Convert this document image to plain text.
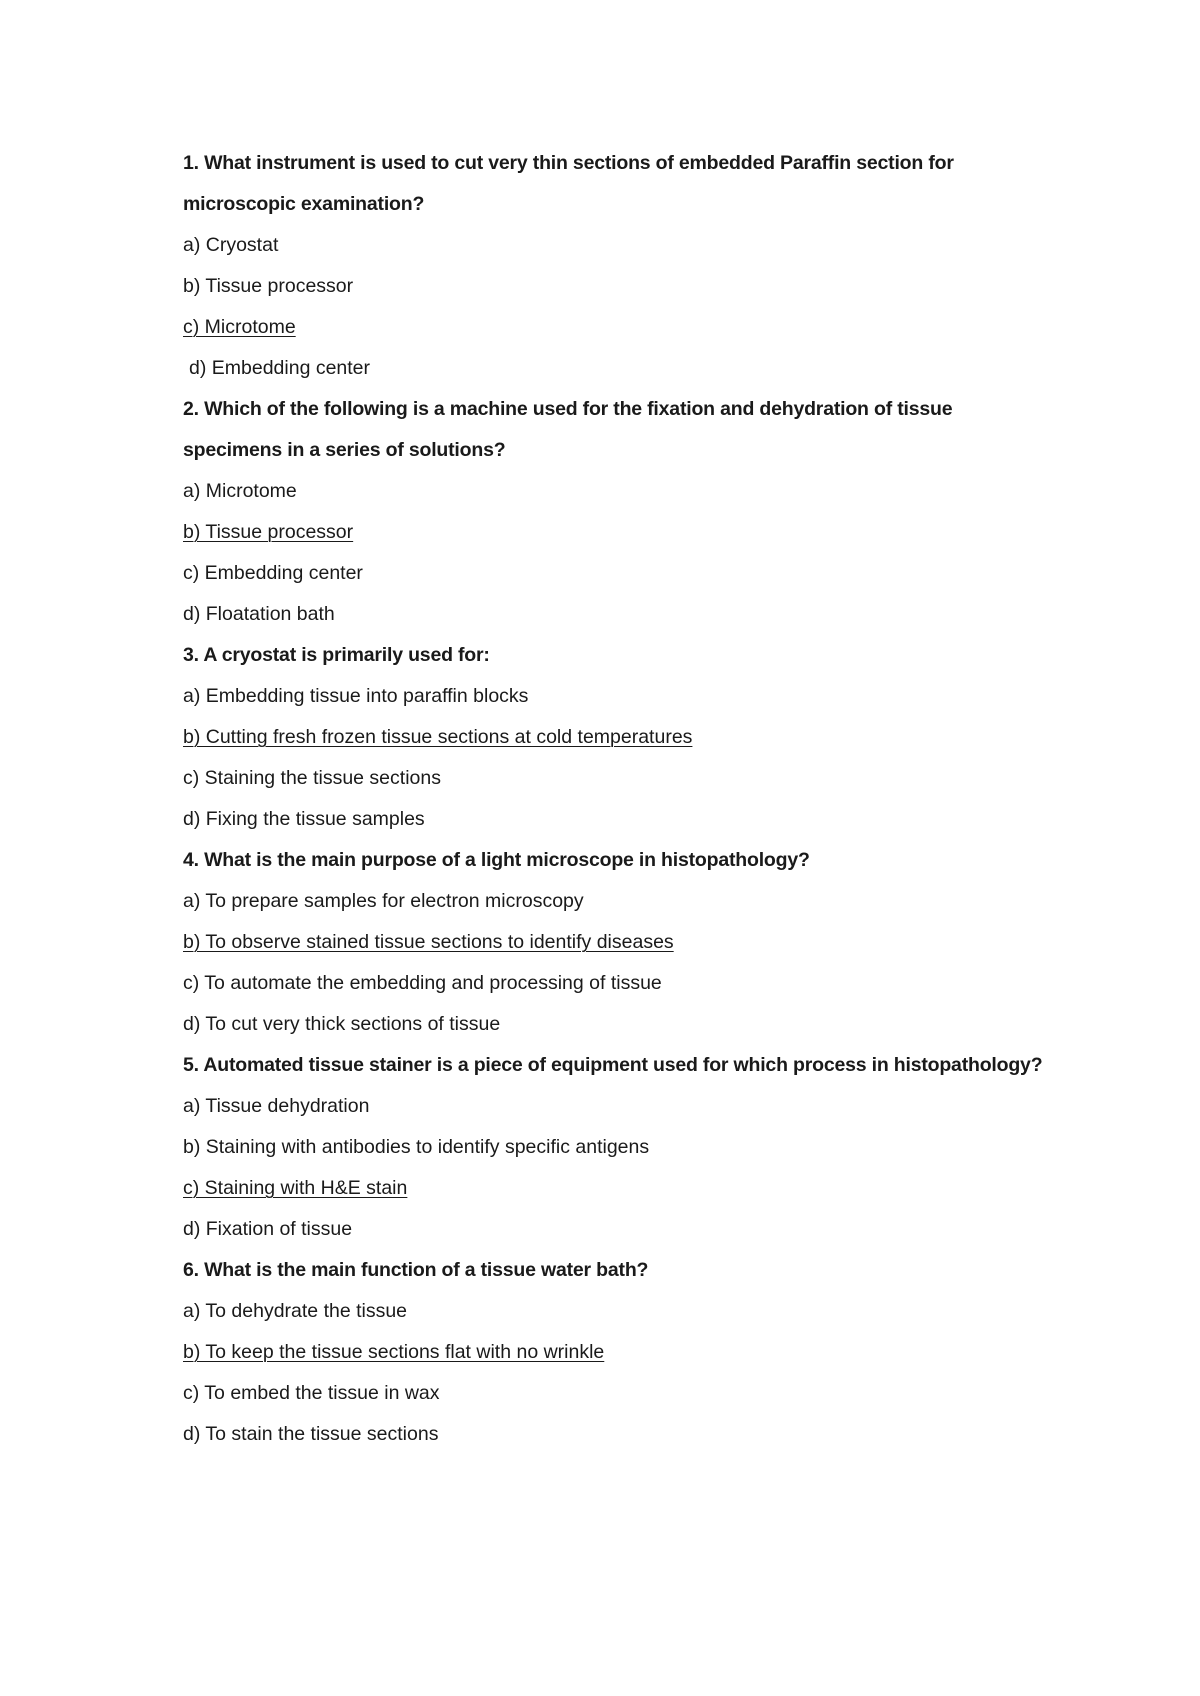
1. What instrument is used to cut very thin sections of embedded Paraffin section for microscopic examination?

a) Cryostat
b) Tissue processor
c) Microtome
d) Embedding center

2. Which of the following is a machine used for the fixation and dehydration of tissue specimens in a series of solutions?

a) Microtome
b) Tissue processor
c) Embedding center
d) Floatation bath

3. A cryostat is primarily used for:

a) Embedding tissue into paraffin blocks
b) Cutting fresh frozen tissue sections at cold temperatures
c) Staining the tissue sections
d) Fixing the tissue samples

4. What is the main purpose of a light microscope in histopathology?

a) To prepare samples for electron microscopy
b) To observe stained tissue sections to identify diseases
c) To automate the embedding and processing of tissue
d) To cut very thick sections of tissue

5. Automated tissue stainer is a piece of equipment used for which process in histopathology?

a) Tissue dehydration
b) Staining with antibodies to identify specific antigens
c) Staining with H&E stain
d) Fixation of tissue

6. What is the main function of a tissue water bath?

a) To dehydrate the tissue
b) To keep the tissue sections flat with no wrinkle
c) To embed the tissue in wax
d) To stain the tissue sections
